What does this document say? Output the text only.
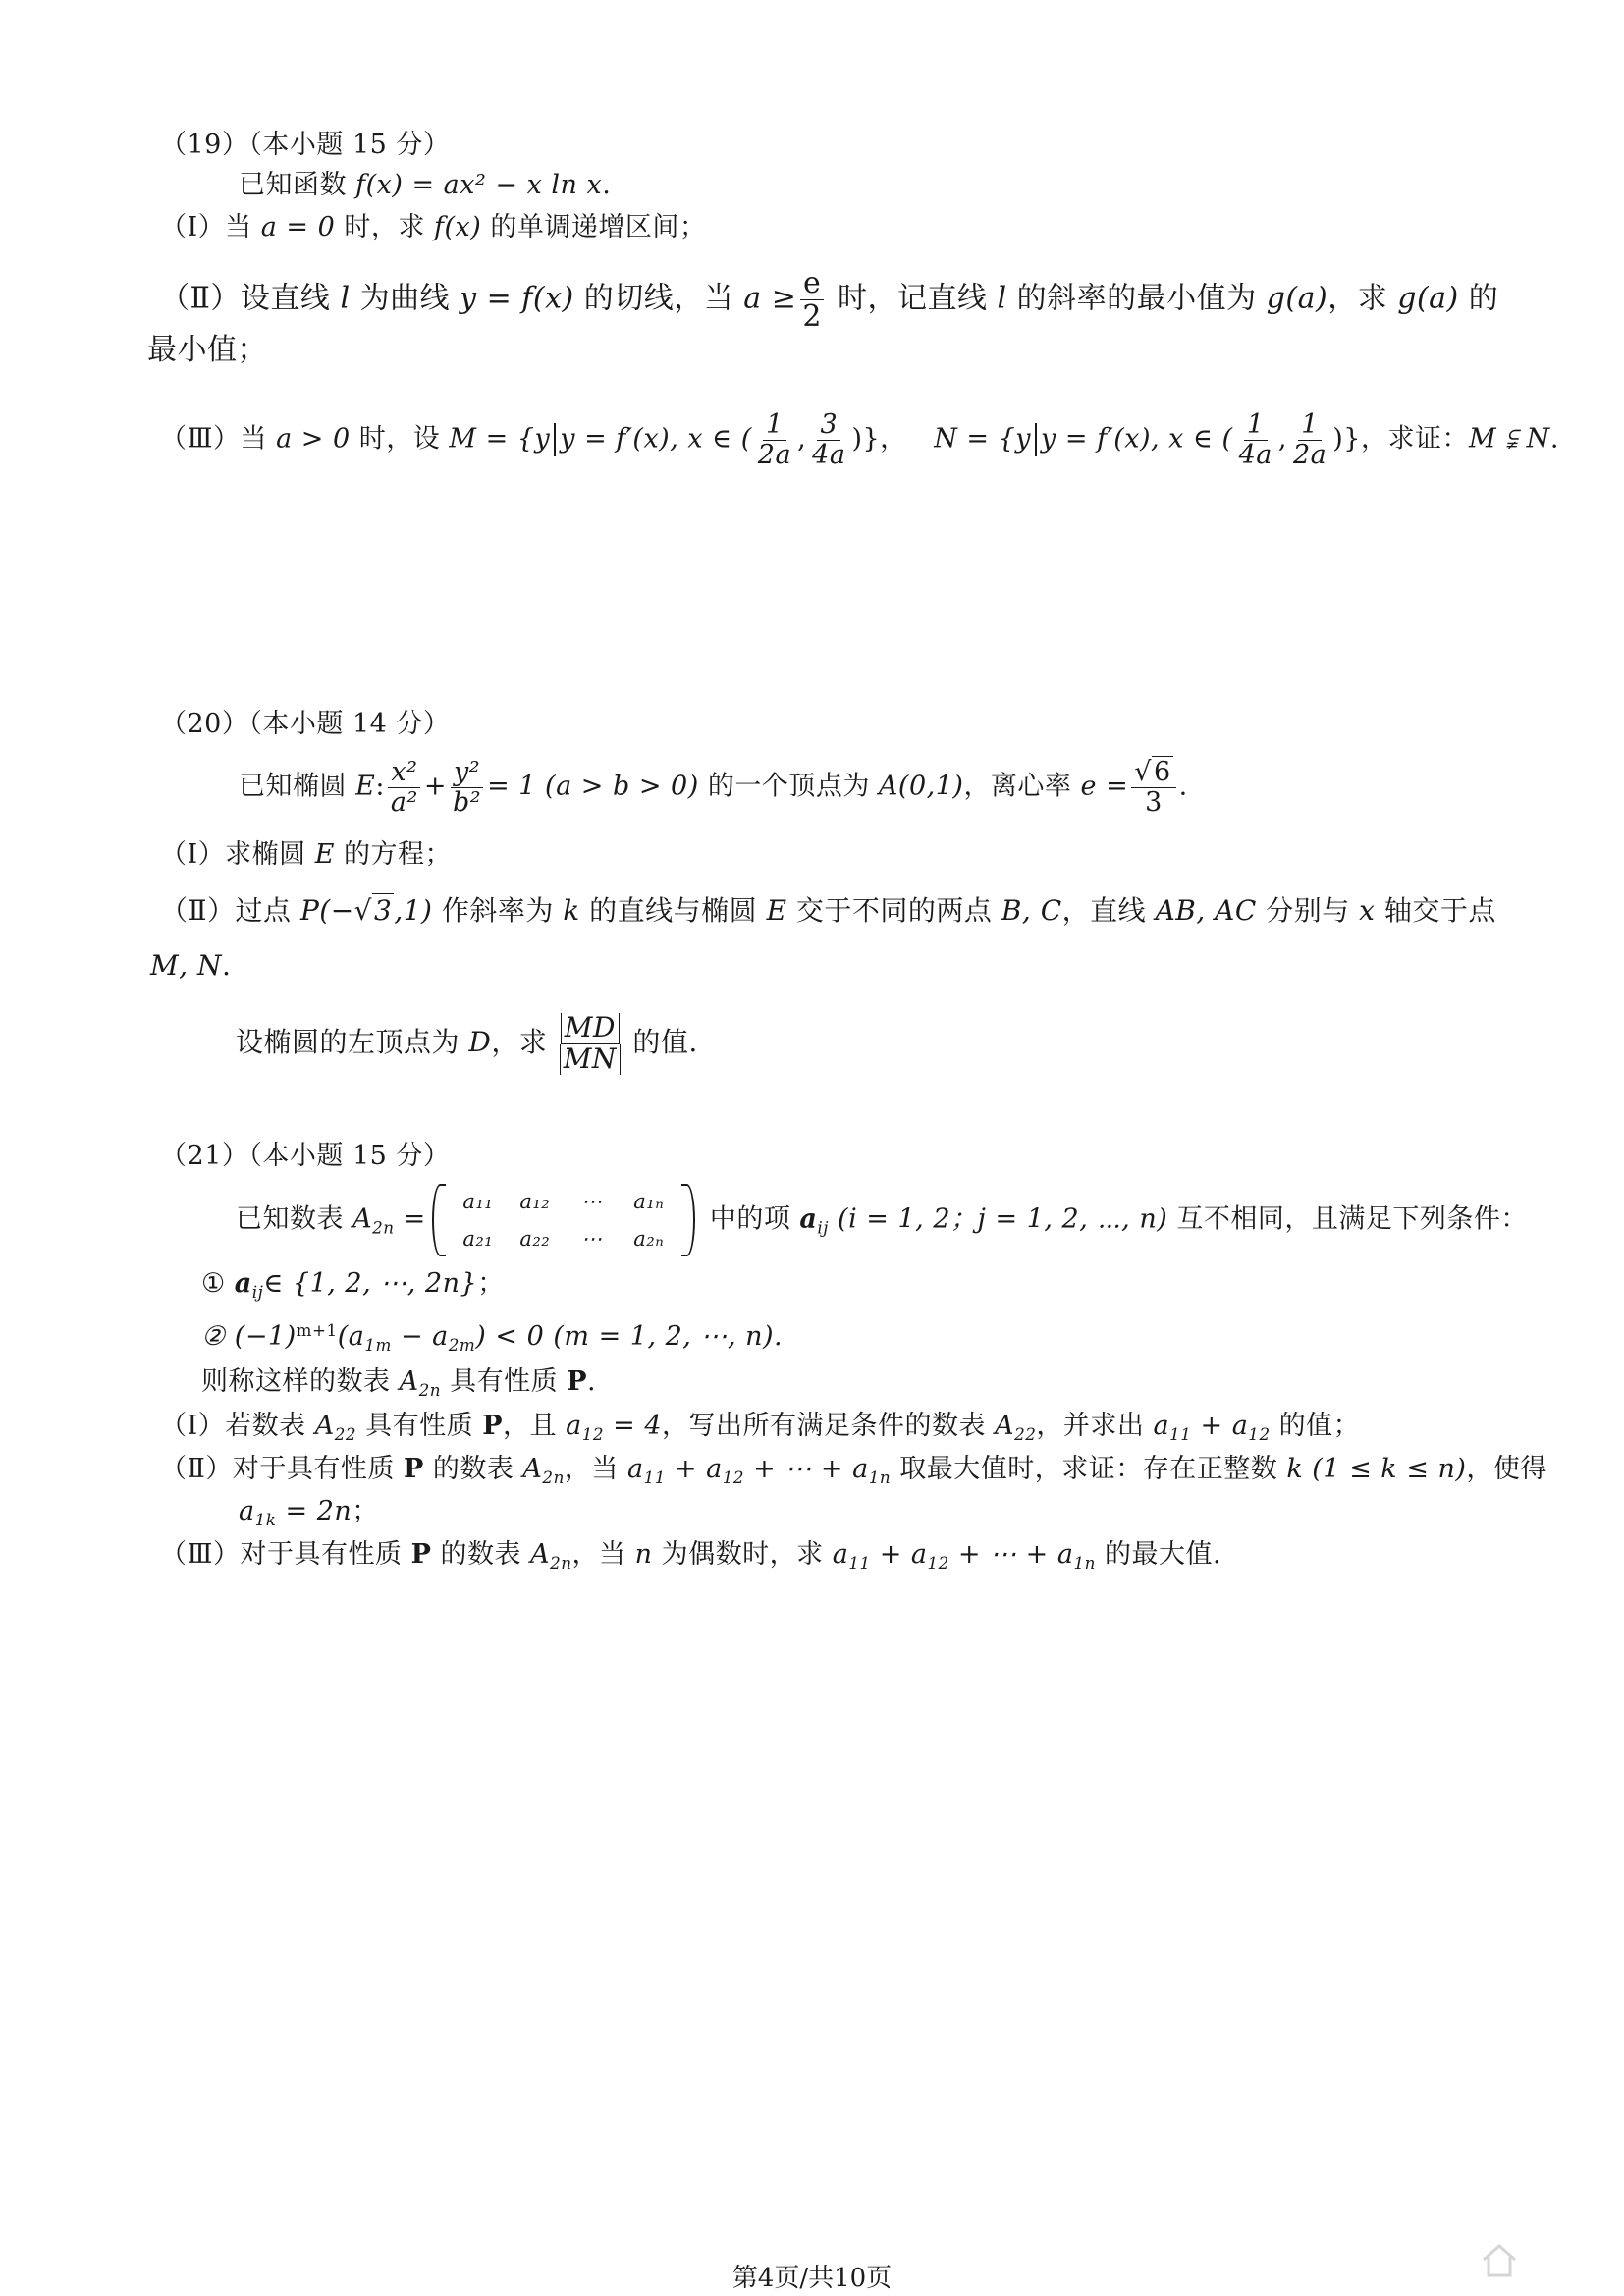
（19）（本小题 15 分）
已知函数 f(x) = ax² − x ln x.
（Ⅰ）当 a = 0 时，求 f(x) 的单调递增区间；
（Ⅱ）设直线 l 为曲线 y = f(x) 的切线，当 $a \ge \frac{e}{2}$ 时，记直线 l 的斜率的最小值为 g(a)，求 g(a) 的
最小值；
（Ⅲ）当 a > 0 时，设 M = {y y = f′(x), x ∈ ( $\frac{1}{2a}$ , $\frac{3}{4a}$ )}，  N = {y y = f′(x), x ∈ ( $\frac{1}{4a}$ , $\frac{1}{2a}$ )}，求证：M ⫋ N.
（20）（本小题 14 分）
已知椭圆 E: $\frac{\text{x²}}{\text{a²}} + \frac{\text{y²}}{\text{b²}} = 1$ (a > b > 0) 的一个顶点为 A(0,1)，离心率 $e = \frac{√6}{3}$ .
（Ⅰ）求椭圆 E 的方程；
（Ⅱ）过点 P(−√3,1) 作斜率为 k 的直线与椭圆 E 交于不同的两点 B, C，直线 AB, AC 分别与 x 轴交于点
M, N.
设椭圆的左顶点为 D，求 $\frac{MD}{MN}$ 的值.
（21）（本小题 15 分）
已知数表 $A_{2n}$ =
a₁₁	a₁₂	⋯	a₁ₙ
a₂₁	a₂₂	⋯	a₂ₙ
中的项 $a_{ij}$ (i = 1, 2；j = 1, 2, ⋯, n) 互不相同，且满足下列条件：
① $a_{ij}\in$ {1, 2, ⋯, 2n}；
② $(-1)^{m+1}(a_{1m} - a_{2m}) < 0$ (m = 1, 2, ⋯, n).
则称这样的数表 $A_{2n}$ 具有性质 P.
（Ⅰ）若数表 $A_{22}$ 具有性质 P，且 $a_{12} = 4$，写出所有满足条件的数表 $A_{22}$，并求出 $a_{11} + a_{12}$ 的值；
（Ⅱ）对于具有性质 P 的数表 $A_{2n}$，当 $a_{11} + a_{12}$ + ⋯ + $a_{1n}$ 取最大值时，求证：存在正整数 k (1 ≤ k ≤ n)，使得
$a_{1k} = 2n$；
（Ⅲ）对于具有性质 P 的数表 $A_{2n}$，当 n 为偶数时，求 $a_{11} + a_{12}$ + ⋯ + $a_{1n}$ 的最大值.
第4页/共10页
